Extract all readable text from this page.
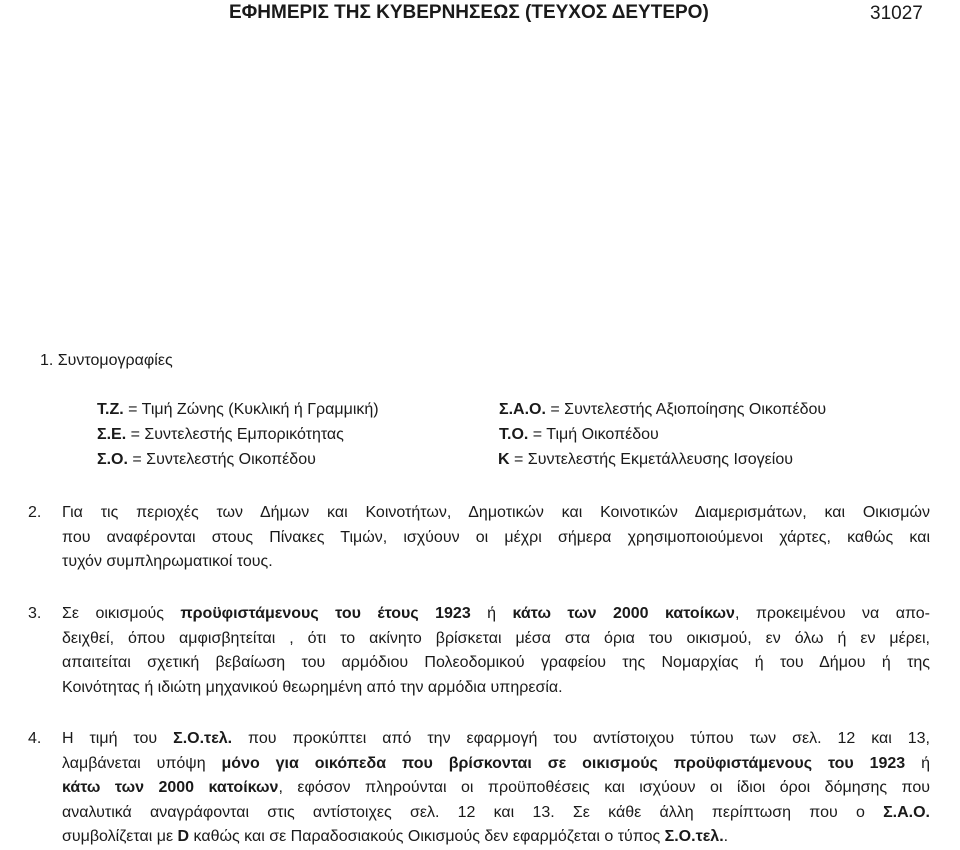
ΕΦΗΜΕΡΙΣ ΤΗΣ ΚΥΒΕΡΝΗΣΕΩΣ (ΤΕΥΧΟΣ ΔΕΥΤΕΡΟ)	31027
1. Συντομογραφίες
Τ.Ζ. = Τιμή Ζώνης (Κυκλική ή Γραμμική)
Σ.Ε. = Συντελεστής Εμπορικότητας
Σ.Ο. = Συντελεστής Οικοπέδου
Σ.Α.Ο. = Συντελεστής Αξιοποίησης Οικοπέδου
Τ.Ο. = Τιμή Οικοπέδου
Κ = Συντελεστής Εκμετάλλευσης Ισογείου
2. Για τις περιοχές των Δήμων και Κοινοτήτων, Δημοτικών και Κοινοτικών Διαμερισμάτων, και Οικισμών
που αναφέρονται στους Πίνακες Τιμών, ισχύουν οι μέχρι σήμερα χρησιμοποιούμενοι χάρτες, καθώς και
τυχόν συμπληρωματικοί τους.
3. Σε οικισμούς προϋφιστάμενους του έτους 1923 ή κάτω των 2000 κατοίκων, προκειμένου να απο-
δειχθεί, όπου αμφισβητείται , ότι το ακίνητο βρίσκεται μέσα στα όρια του οικισμού, εν όλω ή εν μέρει,
απαιτείται σχετική βεβαίωση του αρμόδιου Πολεοδομικού γραφείου της Νομαρχίας ή του Δήμου ή της
Κοινότητας ή ιδιώτη μηχανικού θεωρημένη από την αρμόδια υπηρεσία.
4. Η τιμή του Σ.Ο.τελ. που προκύπτει από την εφαρμογή του αντίστοιχου τύπου των σελ. 12 και 13,
λαμβάνεται υπόψη μόνο για οικόπεδα που βρίσκονται σε οικισμούς προϋφιστάμενους του 1923 ή
κάτω των 2000 κατοίκων, εφόσον πληρούνται οι προϋποθέσεις και ισχύουν οι ίδιοι όροι δόμησης που
αναλυτικά αναγράφονται στις αντίστοιχες σελ. 12 και 13. Σε κάθε άλλη περίπτωση που ο Σ.Α.Ο.
συμβολίζεται με D καθώς και σε Παραδοσιακούς Οικισμούς δεν εφαρμόζεται ο τύπος Σ.Ο.τελ..
